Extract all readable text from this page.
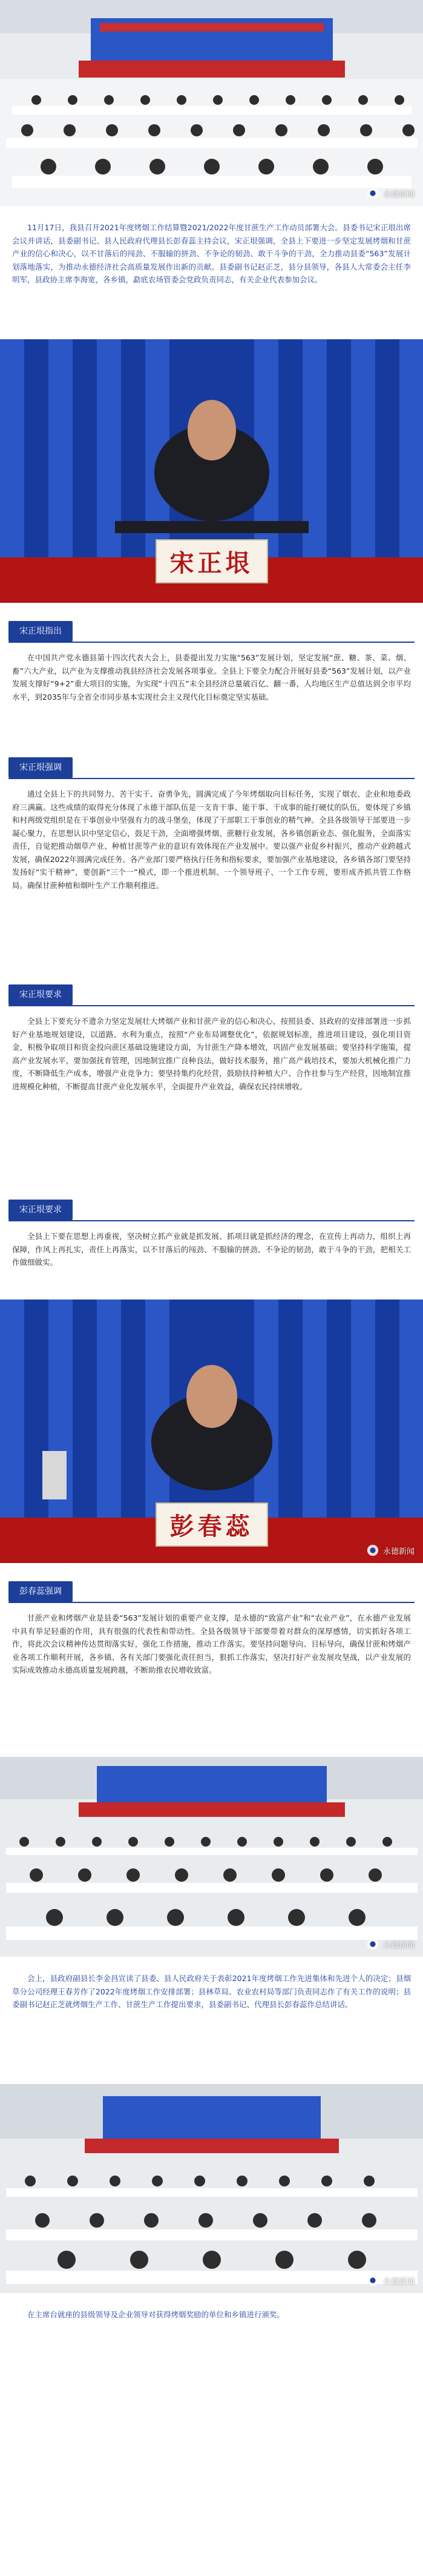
永德新闻

11月17日，我县召开2021年度烤烟工作结算暨2021/2022年度甘蔗生产工作动员部署大会。县委书记宋正垠出席会议并讲话，县委副书记、县人民政府代理县长彭春蕊主持会议，宋正垠强调，全县上下要进一步坚定发展烤烟和甘蔗产业的信心和决心，以不甘落后的闯劲、不服输的拼劲、不争论的韧劲、敢干斗争的干劲，全力推动县委“563”发展计划落地落实，为推动永德经济社会高质量发展作出新的贡献。县委副书记赵正芝，县分县领导，各县人大常委会主任李明军，县政协主席李海宽，各乡镇，勐底农场管委会党政负责同志，有关企业代表参加会议。

宋正垠
宋正垠指出

在中国共产党永德县第十四次代表大会上，县委提出发力实施“563”发展计划，坚定发展“蔗、糖、茶、菜、烟、畜”六大产业，以产业为支撑推动我县经济社会发展各项事业。全县上下要全力配合开展好县委“563”发展计划，以产业发展支撑好“9+2”重大项目的实施，为实现“十四五”末全县经济总量破百亿、翻一番，人均地区生产总值达到全市平均水平，到2035年与全省全市同步基本实现社会主义现代化目标奠定坚实基础。

宋正垠强调

通过全县上下的共同努力、苦干实干、奋勇争先，圆满完成了今年烤烟取向目标任务，实现了烟农、企业和地委政府三满赢。这些成绩的取得充分体现了永德干部队伍是一支肯干事、能干事、干成事的能打硬仗的队伍，要体现了乡镇和村两级党组织是在干事创业中坚强有力的战斗堡垒，体现了干部职工干事创业的精气神。全县各级领导干部要进一步凝心聚力，在思想认识中坚定信心，鼓足干劲，全面增强烤烟、蔗糖行业发展，各乡镇创新业态、强化服务，全面落实责任，自觉把推动烟草产业、种植甘蔗等产业的意识有效体现在产业发展中。要以强产业促乡村振兴，推动产业跨越式发展，确保2022年圆满完成任务。各产业部门要严格执行任务和指标要求，要加强产业基地建设，各乡镇各部门要坚持发扬好“实干精神”，要创新“三个一”模式，即一个推进机制、一个领导班子、一个工作专班，要形成齐抓共管工作格局。确保甘蔗种植和烟叶生产工作顺利推进。

宋正垠要求

全县上下要充分不遗余力坚定发展壮大烤烟产业和甘蔗产业的信心和决心，按照县委、县政府的安排部署进一步抓好产业基地规划建设，以道路、水利为重点，按照“产业布局调整优化”，依据规划标准，推进项目建设，强化项目资金，积极争取项目和资金投向蔗区基础设施建设方面，为甘蔗生产降本增效，巩固产业发展基础；要坚持科学施策，提高产业发展水平，要加强抚育管理，因地制宜推广良种良法，做好技术服务，推广高产栽培技术，要加大机械化推广力度，不断降低生产成本，增强产业竞争力；要坚持集约化经营，鼓励扶持种植大户、合作社参与生产经营，因地制宜推进规模化种植，不断提高甘蔗产业化发展水平，全面提升产业效益，确保农民持续增收。

宋正垠要求

全县上下要在思想上再重视，坚决树立抓产业就是抓发展、抓项目就是抓经济的理念，在宣传上再动力，组织上再保障，作风上再扎实，责任上再落实，以不甘落后的闯劲、不服输的拼劲、不争论的韧劲，敢于斗争的干劲，把相关工作做细做实。

彭春蕊
永德新闻
彭春蕊强调

甘蔗产业和烤烟产业是县委“563”发展计划的重要产业支撑，是永德的“致富产业”和“农业产业”，在永德产业发展中具有举足轻重的作用，具有很强的代表性和带动性。全县各级领导干部要带着对群众的深厚感情，切实抓好各项工作，将此次会议精神传达贯彻落实好，强化工作措施，推动工作落实。要坚持问题导向、目标导向，确保甘蔗和烤烟产业各项工作顺利开展，各乡镇、各有关部门要强化责任担当，狠抓工作落实，坚决打好产业发展攻坚战，以产业发展的实际成效推动永德高质量发展跨越，不断助推农民增收致富。

永德新闻

会上，县政府副县长李金昌宣读了县委、县人民政府关于表彰2021年度烤烟工作先进集体和先进个人的决定；县烟草分公司经理王春芳作了2022年度烤烟工作安排部署；县林草局、农业农村局等部门负责同志作了有关工作的说明；县委副书记赵正芝就烤烟生产工作、甘蔗生产工作提出要求，县委副书记、代理县长彭春蕊作总结讲话。

永德新闻

在主席台就座的县级领导及企业领导对获得烤烟奖励的单位和乡镇进行颁奖。
